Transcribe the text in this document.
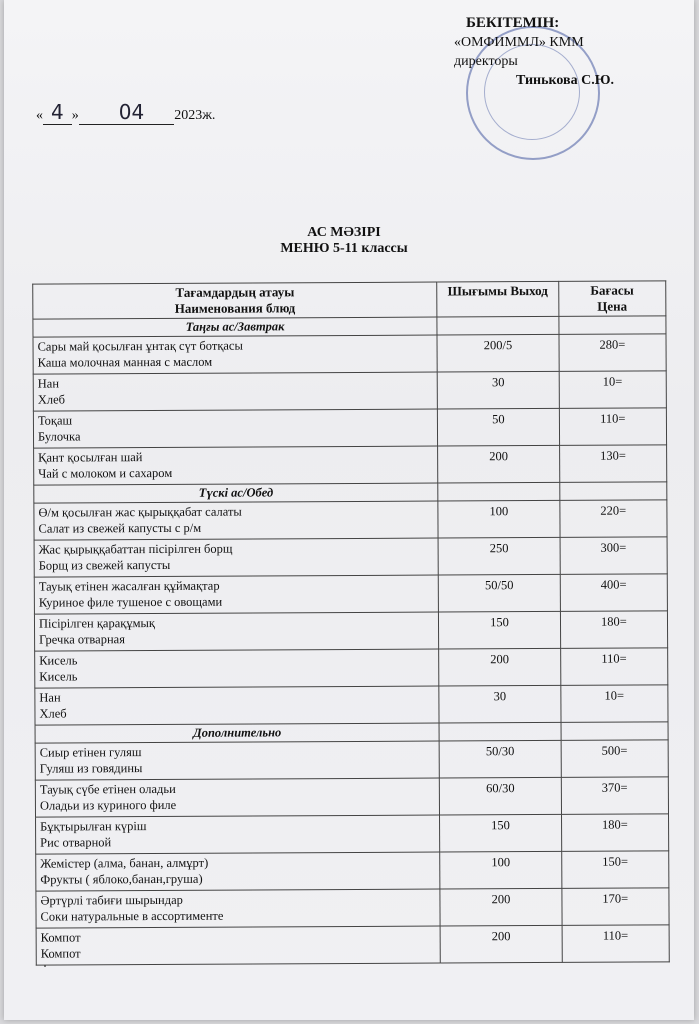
БЕКІТЕМІН:
«ОМФИММЛ» КММ
директоры
Тинькова С.Ю.
« 4 » 04 2023ж.
АС МӘЗІРІ
МЕНЮ 5-11 классы
Тағамдардың атауы
Наименования блюд	Шығымы Выход	Бағасы
Цена

Таңғы ас/Завтрак		

Сары май қосылған ұнтақ сүт ботқасы
Каша молочная манная с маслом	200/5	280=

Нан
Хлеб	30	10=

Тоқаш
Булочка	50	110=

Қант қосылған шай
Чай с молоком и сахаром	200	130=
Түскі ас/Обед		

Ө/м қосылған жас қырыққабат салаты
Салат из свежей капусты с р/м	100	220=

Жас қырыққабаттан пісірілген борщ
Борщ из свежей капусты	250	300=

Тауық етінен жасалған құймақтар
Куриное филе тушеное с овощами	50/50	400=

Пісірілген қарақұмық
Гречка отварная	150	180=

Кисель
Кисель	200	110=

Нан
Хлеб	30	10=
Дополнительно		

Сиыр етінен гуляш
Гуляш из говядины	50/30	500=

Тауық сүбе етінен оладьи
Оладьи из куриного филе	60/30	370=

Бұқтырылған күріш
Рис отварной	150	180=

Жемістер (алма, банан, алмұрт)
Фрукты ( яблоко,банан,груша)	100	150=

Әртүрлі табиғи шырындар
Соки натуральные в ассортименте	200	170=

Компот
Компот	200	110=
